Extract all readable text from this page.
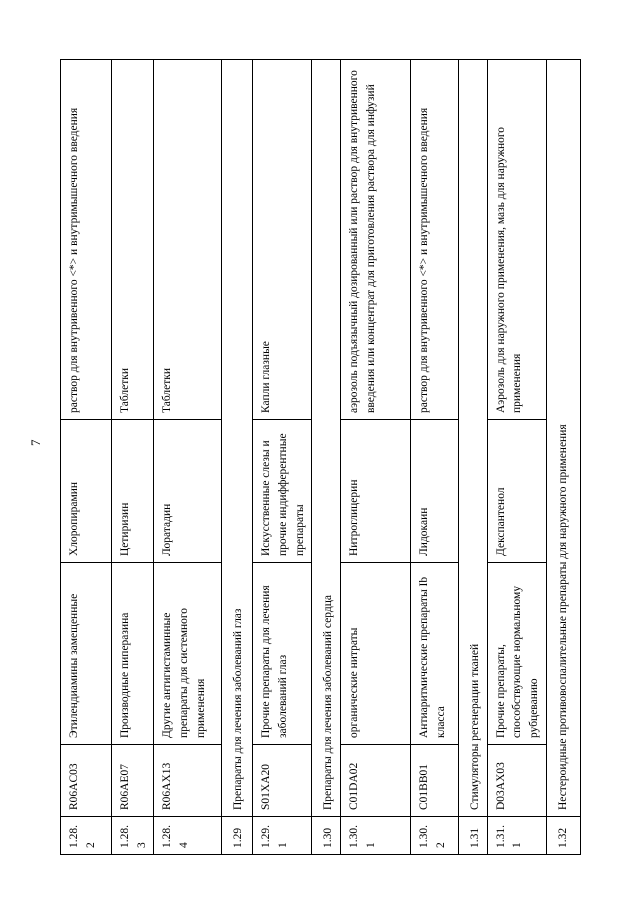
7
1.28.2	R06AC03	Этилендиамины замещенные	Хлоропирамин	раствор для внутривенного <*> и внутримышечного введения
1.28.3	R06AE07	Производные пиперазина	Цетиризин	Таблетки
1.28.4	R06AX13	Другие антигистаминные препараты для системного применения	Лоратадин	Таблетки
1.29	Препараты для лечения заболеваний глаз			
1.29.1	S01XA20	Прочие препараты для лечения заболеваний глаз	Искусственные слезы и прочие индифферентные препараты	Капли глазные
1.30	Препараты для лечения заболеваний сердца			
1.30.1	C01DA02	органические нитраты	Нитроглицерин	аэрозоль подъязычный дозированный или раствор для внутривенного введения или концентрат для приготовления раствора для инфузий
1.30.2	C01BB01	Антиаритмические препараты Ib класса	Лидокаин	раствор для внутривенного <*> и внутримышечного введения
1.31	Стимуляторы регенерации тканей			
1.31.1	D03AX03	Прочие препараты, способствующие нормальному рубцеванию	Декспантенол	Аэрозоль для наружного применения, мазь для наружного применения
1.32	Нестероидные противовоспалительные препараты для наружного применения			
